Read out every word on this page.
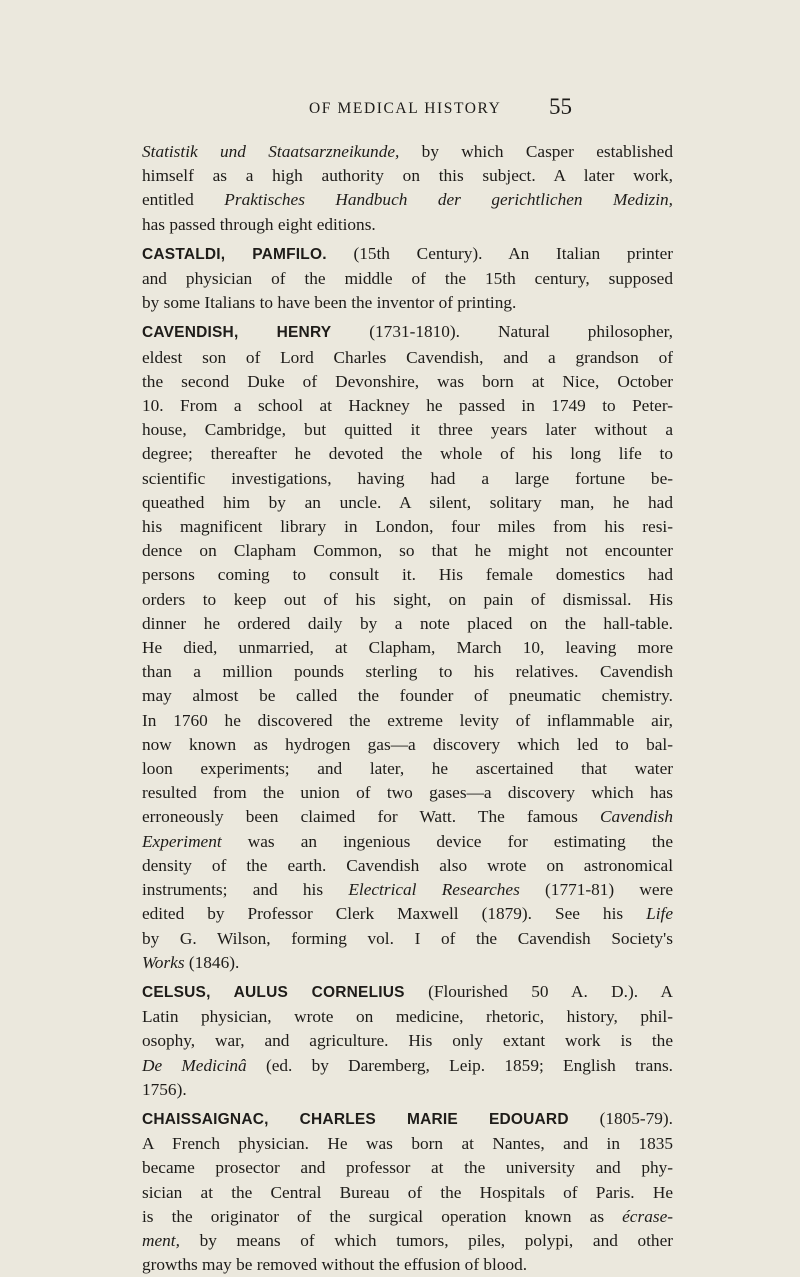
OF MEDICAL HISTORY 55
Statistik und Staatsarzneikunde, by which Casper established
himself as a high authority on this subject. A later work,
entitled Praktisches Handbuch der gerichtlichen Medizin,
has passed through eight editions.
CASTALDI, PAMFILO. (15th Century). An Italian printer
and physician of the middle of the 15th century, supposed
by some Italians to have been the inventor of printing.
CAVENDISH, HENRY (1731-1810). Natural philosopher,
eldest son of Lord Charles Cavendish, and a grandson of
the second Duke of Devonshire, was born at Nice, October
10. From a school at Hackney he passed in 1749 to Peter-
house, Cambridge, but quitted it three years later without a
degree; thereafter he devoted the whole of his long life to
scientific investigations, having had a large fortune be-
queathed him by an uncle. A silent, solitary man, he had
his magnificent library in London, four miles from his resi-
dence on Clapham Common, so that he might not encounter
persons coming to consult it. His female domestics had
orders to keep out of his sight, on pain of dismissal. His
dinner he ordered daily by a note placed on the hall-table.
He died, unmarried, at Clapham, March 10, leaving more
than a million pounds sterling to his relatives. Cavendish
may almost be called the founder of pneumatic chemistry.
In 1760 he discovered the extreme levity of inflammable air,
now known as hydrogen gas—a discovery which led to bal-
loon experiments; and later, he ascertained that water
resulted from the union of two gases—a discovery which has
erroneously been claimed for Watt. The famous Cavendish
Experiment was an ingenious device for estimating the
density of the earth. Cavendish also wrote on astronomical
instruments; and his Electrical Researches (1771-81) were
edited by Professor Clerk Maxwell (1879). See his Life
by G. Wilson, forming vol. I of the Cavendish Society's
Works (1846).
CELSUS, AULUS CORNELIUS (Flourished 50 A. D.). A
Latin physician, wrote on medicine, rhetoric, history, phil-
osophy, war, and agriculture. His only extant work is the
De Medicinâ (ed. by Daremberg, Leip. 1859; English trans.
1756).
CHAISSAIGNAC, CHARLES MARIE EDOUARD (1805-79).
A French physician. He was born at Nantes, and in 1835
became prosector and professor at the university and phy-
sician at the Central Bureau of the Hospitals of Paris. He
is the originator of the surgical operation known as écrase-
ment, by means of which tumors, piles, polypi, and other
growths may be removed without the effusion of blood.
